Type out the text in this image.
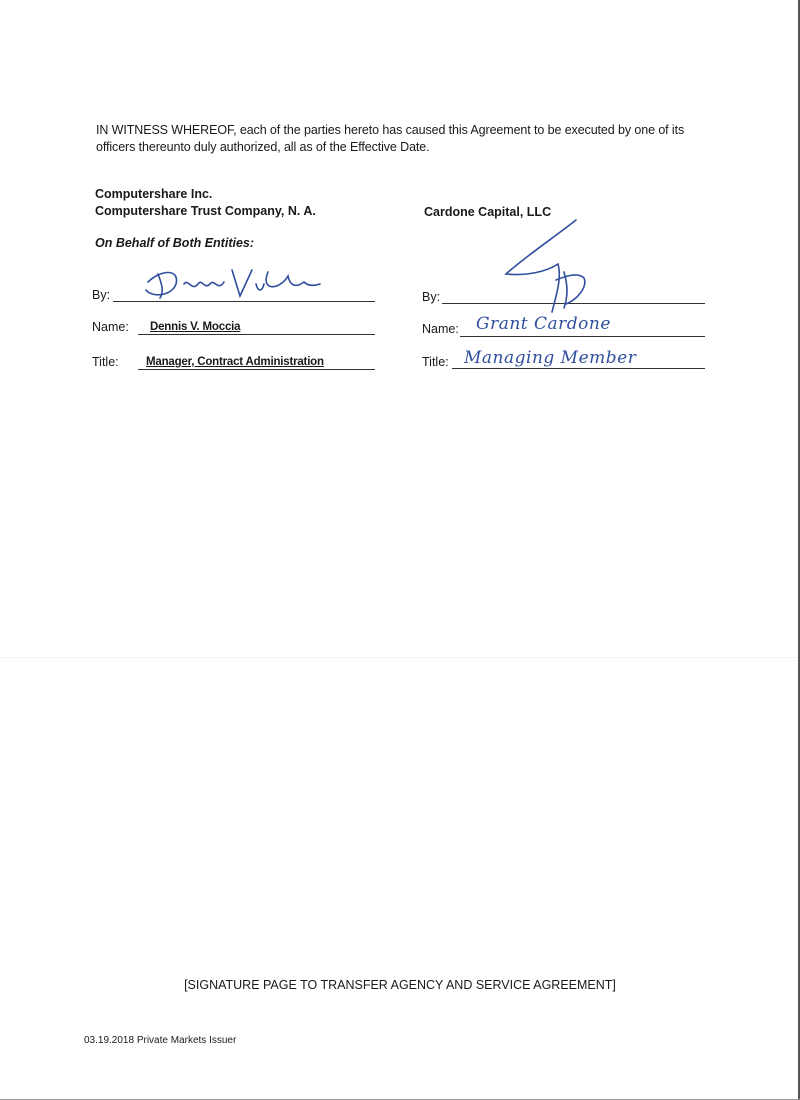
IN WITNESS WHEREOF, each of the parties hereto has caused this Agreement to be executed by one of its officers thereunto duly authorized, all as of the Effective Date.
Computershare Inc.
Computershare Trust Company, N. A.
On Behalf of Both Entities:
By:
Name: Dennis V. Moccia
Title: Manager, Contract Administration
Cardone Capital, LLC
By:
Name: Grant Cardone
Title: Managing Member
[SIGNATURE PAGE TO TRANSFER AGENCY AND SERVICE AGREEMENT]
03.19.2018 Private Markets Issuer
